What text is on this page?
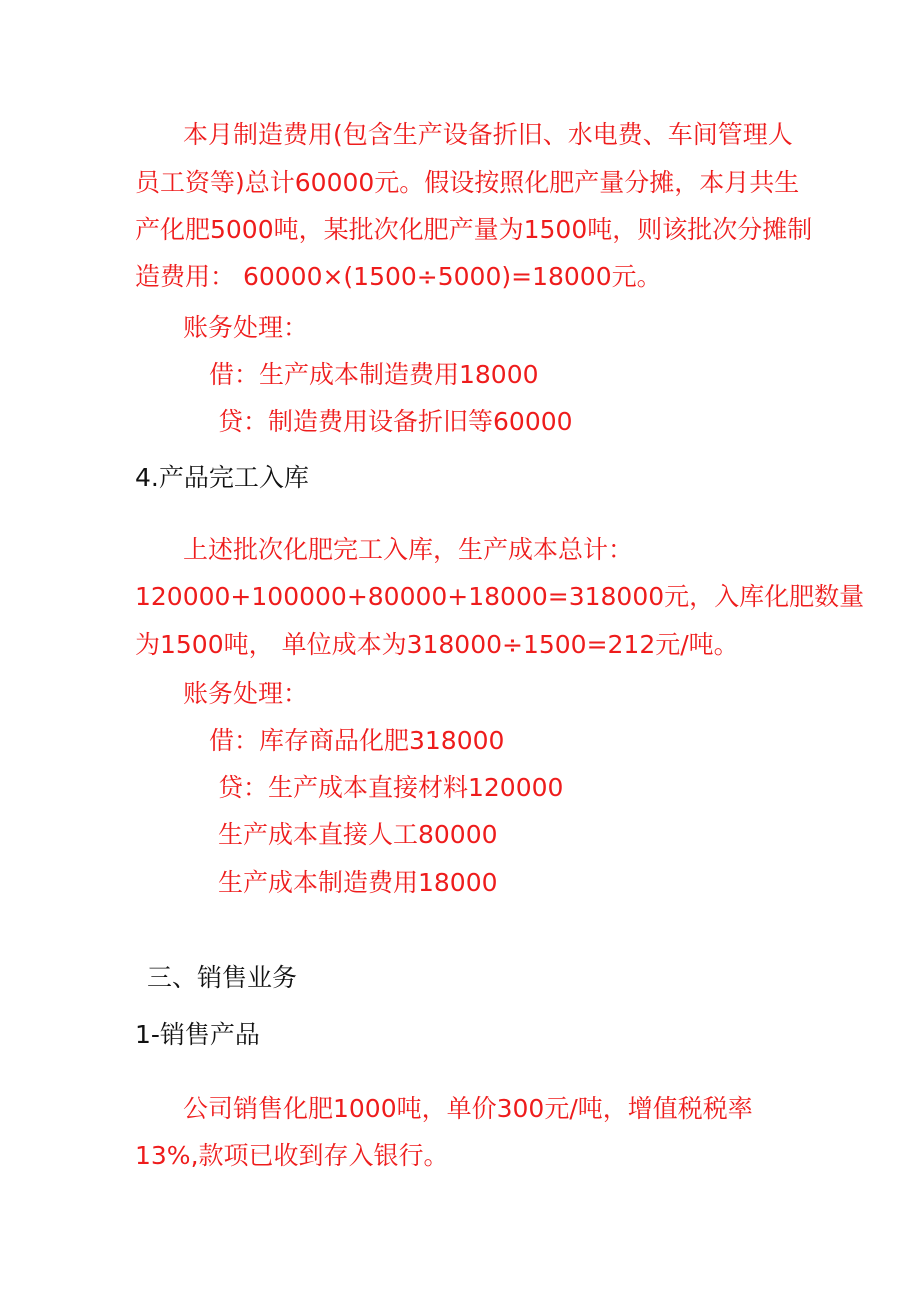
本月制造费用(包含生产设备折旧、水电费、车间管理人
员工资等)总计60000元。假设按照化肥产量分摊，本月共生
产化肥5000吨，某批次化肥产量为1500吨，则该批次分摊制
造费用： 60000×(1500÷5000)=18000元。
账务处理：
借：生产成本制造费用18000
贷：制造费用设备折旧等60000
4.产品完工入库
上述批次化肥完工入库，生产成本总计：
120000+100000+80000+18000=318000元，入库化肥数量
为1500吨， 单位成本为318000÷1500=212元/吨。
账务处理：
借：库存商品化肥318000
贷：生产成本直接材料120000
生产成本直接人工80000
生产成本制造费用18000
三、销售业务
1-销售产品
公司销售化肥1000吨，单价300元/吨，增值税税率
13%,款项已收到存入银行。
